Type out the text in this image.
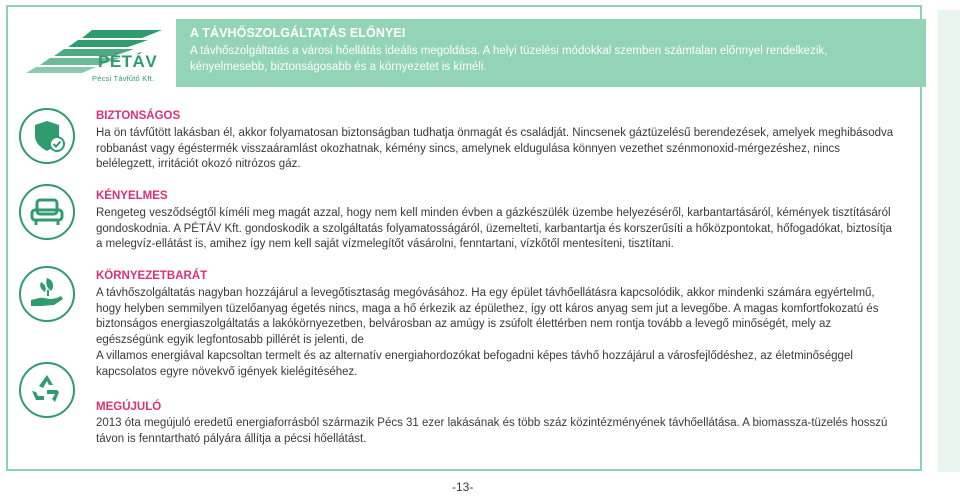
PÉTÁV
Pécsi Távfűtő Kft.
A TÁVHŐSZOLGÁLTATÁS ELŐNYEI
A távhőszolgáltatás a városi hőellátás ideális megoldása. A helyi tüzelési módokkal szemben számtalan előnnyel rendelkezik, kényelmesebb, biztonságosabb és a környezetet is kíméli.
BIZTONSÁGOS
Ha ön távfűtött lakásban él, akkor folyamatosan biztonságban tudhatja önmagát és családját. Nincsenek gáztüzelésű berendezések, amelyek meghibásodva robbanást vagy égéstermék visszaáramlást okozhatnak, kémény sincs, amelynek eldugulása könnyen vezethet szénmonoxid-mérgezéshez, nincs belélegzett, irritációt okozó nitrózos gáz.
KÉNYELMES
Rengeteg vesződségtől kíméli meg magát azzal, hogy nem kell minden évben a gázkészülék üzembe helyezéséről, karbantartásáról, kémények tisztításáról gondoskodnia. A PÉTÁV Kft. gondoskodik a szolgáltatás folyamatosságáról, üzemelteti, karbantartja és korszerűsíti a hőközpontokat, hőfogadókat, biztosítja a melegvíz-ellátást is, amihez így nem kell saját vízmelegítőt vásárolni, fenntartani, vízkőtől mentesíteni, tisztítani.
KÖRNYEZETBARÁT
A távhőszolgáltatás nagyban hozzájárul a levegőtisztaság megóvásához. Ha egy épület távhőellátásra kapcsolódik, akkor mindenki számára egyértelmű, hogy helyben semmilyen tüzelőanyag égetés nincs, maga a hő érkezik az épülethez, így ott káros anyag sem jut a levegőbe. A magas komfortfokozatú és biztonságos energiaszolgáltatás a lakókörnyezetben, belvárosban az amúgy is zsúfolt élettérben nem rontja tovább a levegő minőségét, mely az egészségünk egyik legfontosabb pillérét is jelenti, de
A villamos energiával kapcsoltan termelt és az alternatív energiahordozókat befogadni képes távhő hozzájárul a városfejlődéshez, az életminőséggel kapcsolatos egyre növekvő igények kielégítéséhez.
MEGÚJULÓ
2013 óta megújuló eredetű energiaforrásból származik Pécs 31 ezer lakásának és több száz közintézményének távhőellátása. A biomassza-tüzelés hosszú távon is fenntartható pályára állítja a pécsi hőellátást.
-13-
